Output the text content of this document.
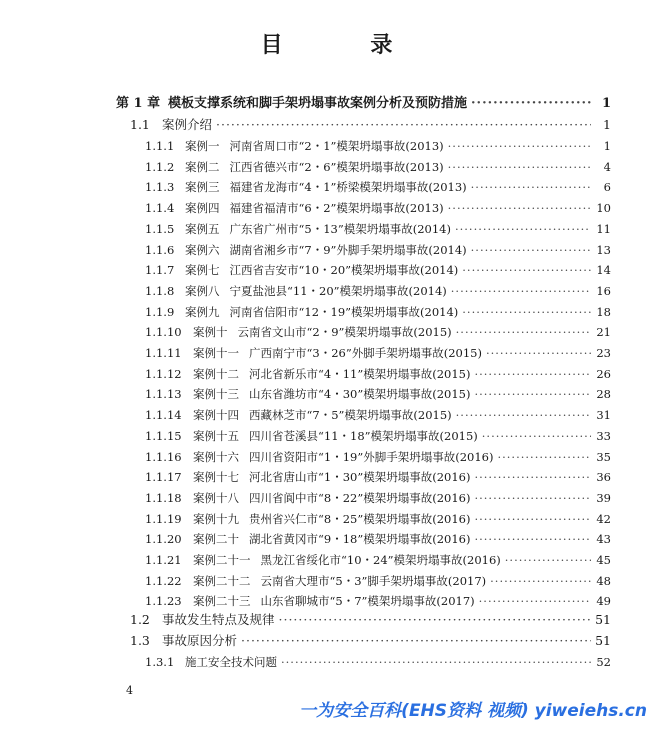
目 录
第 1 章 模板支撑系统和脚手架坍塌事故案例分析及预防措施 ·····	1
1.1 案例介绍 ·····	1
1.1.1 案例一 河南省周口市“2・1”模架坍塌事故(2013) ·····	1
1.1.2 案例二 江西省德兴市“2・6”模架坍塌事故(2013) ·····	4
1.1.3 案例三 福建省龙海市“4・1”桥梁模架坍塌事故(2013) ·····	6
1.1.4 案例四 福建省福清市“6・2”模架坍塌事故(2013) ·····	10
1.1.5 案例五 广东省广州市“5・13”模架坍塌事故(2014) ·····	11
1.1.6 案例六 湖南省湘乡市“7・9”外脚手架坍塌事故(2014) ·····	13
1.1.7 案例七 江西省吉安市“10・20”模架坍塌事故(2014) ·····	14
1.1.8 案例八 宁夏盐池县“11・20”模架坍塌事故(2014) ·····	16
1.1.9 案例九 河南省信阳市“12・19”模架坍塌事故(2014) ·····	18
1.1.10 案例十 云南省文山市“2・9”模架坍塌事故(2015) ·····	21
1.1.11 案例十一 广西南宁市“3・26”外脚手架坍塌事故(2015) ·····	23
1.1.12 案例十二 河北省新乐市“4・11”模架坍塌事故(2015) ·····	26
1.1.13 案例十三 山东省潍坊市“4・30”模架坍塌事故(2015) ·····	28
1.1.14 案例十四 西藏林芝市“7・5”模架坍塌事故(2015) ·····	31
1.1.15 案例十五 四川省苍溪县“11・18”模架坍塌事故(2015) ·····	33
1.1.16 案例十六 四川省资阳市“1・19”外脚手架坍塌事故(2016) ·····	35
1.1.17 案例十七 河北省唐山市“1・30”模架坍塌事故(2016) ·····	36
1.1.18 案例十八 四川省阆中市“8・22”模架坍塌事故(2016) ·····	39
1.1.19 案例十九 贵州省兴仁市“8・25”模架坍塌事故(2016) ·····	42
1.1.20 案例二十 湖北省黄冈市“9・18”模架坍塌事故(2016) ·····	43
1.1.21 案例二十一 黑龙江省绥化市“10・24”模架坍塌事故(2016) ·····	45
1.1.22 案例二十二 云南省大理市“5・3”脚手架坍塌事故(2017) ·····	48
1.1.23 案例二十三 山东省聊城市“5・7”模架坍塌事故(2017) ·····	49
1.2 事故发生特点及规律 ·····	51
1.3 事故原因分析 ·····	51
1.3.1 施工安全技术问题 ·····	52
4
一为安全百科(EHS资料 视频) yiweiehs.cn
